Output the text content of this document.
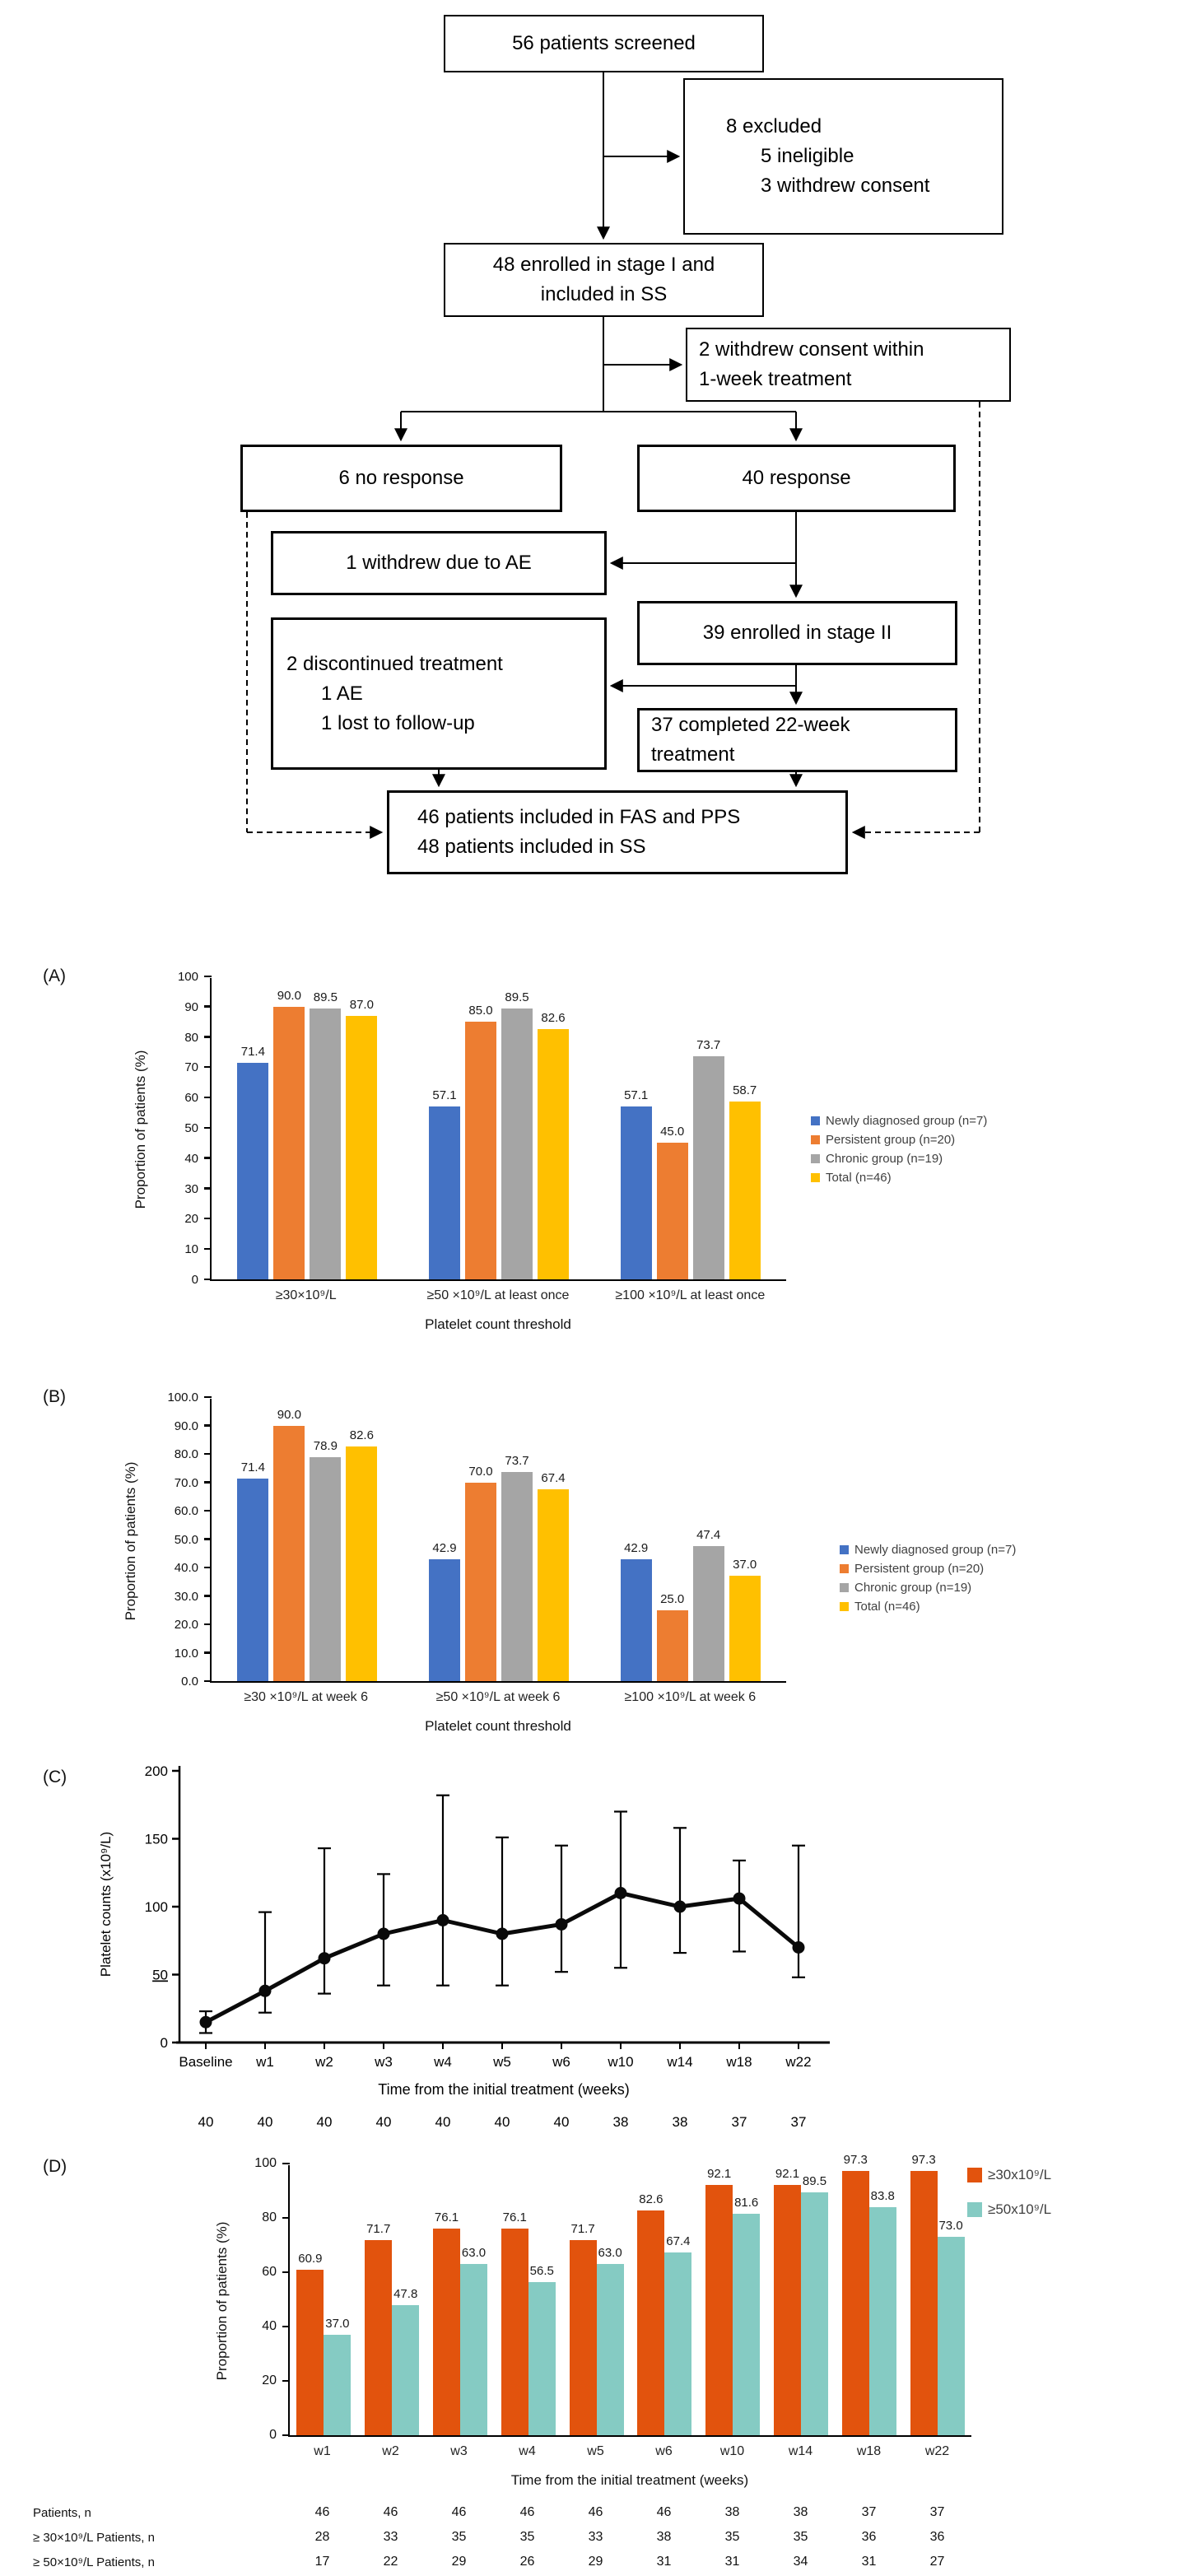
56 patients screened
8 excluded
5 ineligible
3 withdrew consent
48 enrolled in stage I and
included in SS
2 withdrew consent within
1-week treatment
6 no response	40 response
1 withdrew due to AE
2 discontinued treatment
1 AE
1 lost to follow-up
39 enrolled in stage II
37 completed 22-week
treatment
46 patients included in FAS and PPS
48 patients included in SS
(A)
0
10
20
30
40
50
60
70
80
90
100
71.4
90.0 89.5
87.0
57.1
85.0
89.5
82.6
57.1
45.0
73.7
58.7
≥30×10⁹/L	≥50 ×10⁹/L at least once	≥100 ×10⁹/L at least once
Platelet count threshold
Proportion of patients (%)	Newly diagnosed group (n=7)
Persistent group (n=20)
Chronic group (n=19)
Total (n=46)
(B)
0.0
10.0
20.0
30.0
40.0
50.0
60.0
70.0
80.0
90.0
100.0
71.4
90.0
78.9
82.6
42.9
70.0
73.7
67.4
42.9
25.0
47.4
37.0
≥30 ×10⁹/L at week 6	≥50 ×10⁹/L at week 6	≥100 ×10⁹/L at week 6
Platelet count threshold
Proportion of patients (%)	Newly diagnosed group (n=7)
Persistent group (n=20)
Chronic group (n=19)
Total (n=46)
(C)
0
50
100
150
200
Baseline w1	w2	w3	w4	w5	w6	w10 w14 w18 w22
Time from the initial treatment (weeks)
40	40	40	40	40	40	40	38	38	37	37
Platelet counts (x10⁹/L)
(D)
0
20
40
60
80
100
60.9
37.0
71.7
47.8
76.1
63.0
76.1
56.5
71.7
63.0
82.6
67.4
92.1
81.6
92.1
89.5
97.3
83.8
97.3
73.0
w1	w2	w3	w4	w5	w6	w10	w14	w18	w22
Time from the initial treatment (weeks)
Proportion of patients (%)
≥30x10⁹/L
≥50x10⁹/L
Patients, n	46	46	46	46	46	46	38	38	37	37
≥ 30×10⁹/L Patients, n	28	33	35	35	33	38	35	35	36	36
≥ 50×10⁹/L Patients, n	17	22	29	26	29	31	31	34	31	27
